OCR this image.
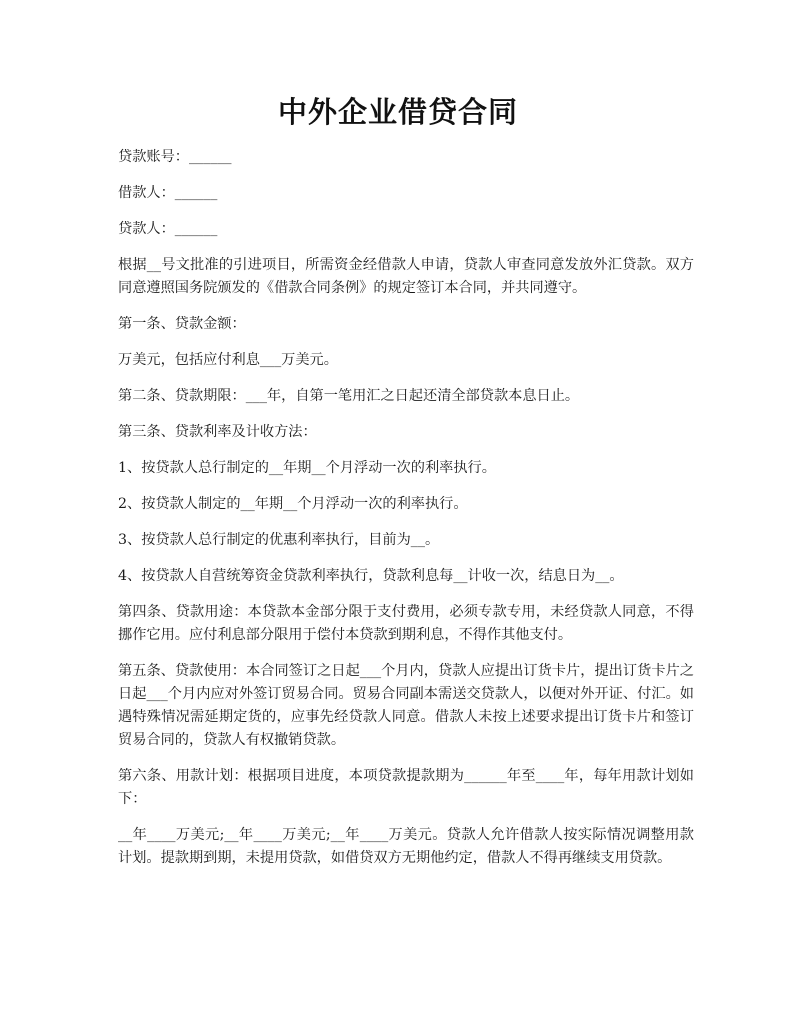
中外企业借贷合同

贷款账号：______

借款人：______

贷款人：______

根据__号文批准的引进项目，所需资金经借款人申请，贷款人审查同意发放外汇贷款。双方同意遵照国务院颁发的《借款合同条例》的规定签订本合同，并共同遵守。

第一条、贷款金额：

万美元，包括应付利息___万美元。

第二条、贷款期限：___年，自第一笔用汇之日起还清全部贷款本息日止。

第三条、贷款利率及计收方法：

1、按贷款人总行制定的__年期__个月浮动一次的利率执行。

2、按贷款人制定的__年期__个月浮动一次的利率执行。

3、按贷款人总行制定的优惠利率执行，目前为__。

4、按贷款人自营统筹资金贷款利率执行，贷款利息每__计收一次，结息日为__。

第四条、贷款用途：本贷款本金部分限于支付费用，必须专款专用，未经贷款人同意，不得挪作它用。应付利息部分限用于偿付本贷款到期利息，不得作其他支付。

第五条、贷款使用：本合同签订之日起___个月内，贷款人应提出订货卡片，提出订货卡片之日起___个月内应对外签订贸易合同。贸易合同副本需送交贷款人，以便对外开证、付汇。如遇特殊情况需延期定货的，应事先经贷款人同意。借款人未按上述要求提出订货卡片和签订贸易合同的，贷款人有权撤销贷款。

第六条、用款计划：根据项目进度，本项贷款提款期为______年至____年，每年用款计划如下：

__年____万美元;__年____万美元;__年____万美元。贷款人允许借款人按实际情况调整用款计划。提款期到期，未提用贷款，如借贷双方无期他约定，借款人不得再继续支用贷款。
